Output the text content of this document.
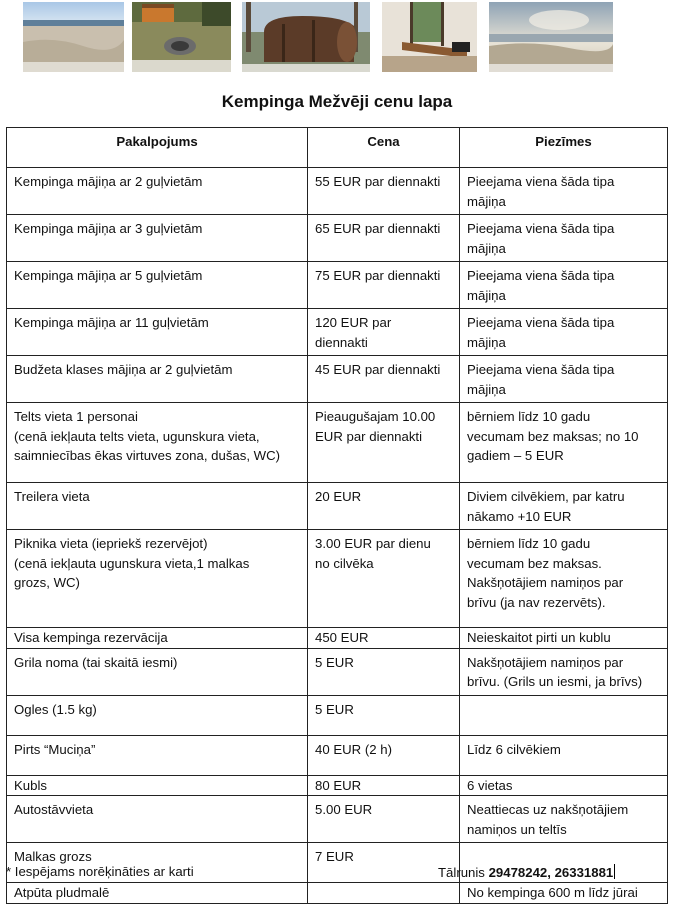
Kempinga Mežvēji cenu lapa
Pakalpojums	Cena	Piezīmes

Kempinga mājiņa ar 2 guļvietām	55 EUR par diennakti	Pieejama viena šāda tipa
mājiņa

Kempinga mājiņa ar 3 guļvietām	65 EUR par diennakti	Pieejama viena šāda tipa
mājiņa

Kempinga mājiņa ar 5 guļvietām	75 EUR par diennakti	Pieejama viena šāda tipa
mājiņa

Kempinga mājiņa ar 11 guļvietām	120 EUR par
diennakti	Pieejama viena šāda tipa
mājiņa

Budžeta klases mājiņa ar 2 guļvietām	45 EUR par diennakti	Pieejama viena šāda tipa
mājiņa

Telts vieta 1 personai
(cenā iekļauta telts vieta, ugunskura vieta,
saimniecības ēkas virtuves zona, dušas, WC)	Pieaugušajam 10.00
EUR par diennakti	bērniem līdz 10 gadu
vecumam bez maksas; no 10
gadiem – 5 EUR

Treilera vieta	20 EUR	Diviem cilvēkiem, par katru
nākamo +10 EUR

Piknika vieta (iepriekš rezervējot)
(cenā iekļauta ugunskura vieta,1 malkas
grozs, WC)	3.00 EUR par dienu
no cilvēka	bērniem līdz 10 gadu
vecumam bez maksas.
Nakšņotājiem namiņos par
brīvu (ja nav rezervēts).

Visa kempinga rezervācija	450 EUR	Neieskaitot pirti un kublu

Grila noma (tai skaitā iesmi)	5 EUR	Nakšņotājiem namiņos par
brīvu. (Grils un iesmi, ja brīvs)

Ogles (1.5 kg)	5 EUR	

Pirts “Muciņa”	40 EUR (2 h)	Līdz 6 cilvēkiem

Kubls	80 EUR	6 vietas

Autostāvvieta	5.00 EUR	Neattiecas uz nakšņotājiem
namiņos un teltīs

Malkas grozs	7 EUR	

Atpūta pludmalē		No kempinga 600 m līdz jūrai
* Iespējams norēķināties ar karti	Tālrunis 29478242, 26331881
